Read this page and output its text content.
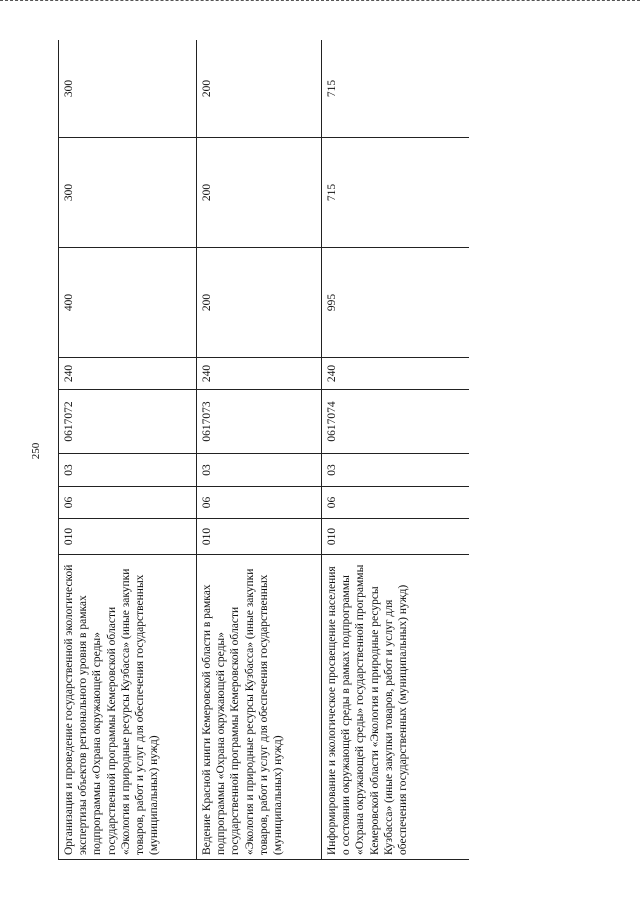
250
Организация и проведение государственной экологической экспертизы объектов регионального уровня в рамках подпрограммы «Охрана окружающей среды» государственной программы Кемеровской области «Экология и природные ресурсы Кузбасса» (иные закупки товаров, работ и услуг для обеспечения государственных (муниципальных) нужд)	010	06	03	0617072	240	400	300	300
Ведение Красной книги Кемеровской области в рамках подпрограммы «Охрана окружающей среды» государственной программы Кемеровской области «Экология и природные ресурсы Кузбасса» (иные закупки товаров, работ и услуг для обеспечения государственных (муниципальных) нужд)	010	06	03	0617073	240	200	200	200
Информирование и экологическое просвещение населения о состоянии окружающей среды в рамках подпрограммы «Охрана окружающей среды» государственной программы Кемеровской области «Экология и природные ресурсы Кузбасса» (иные закупки товаров, работ и услуг для обеспечения государственных (муниципальных) нужд)	010	06	03	0617074	240	995	715	715
